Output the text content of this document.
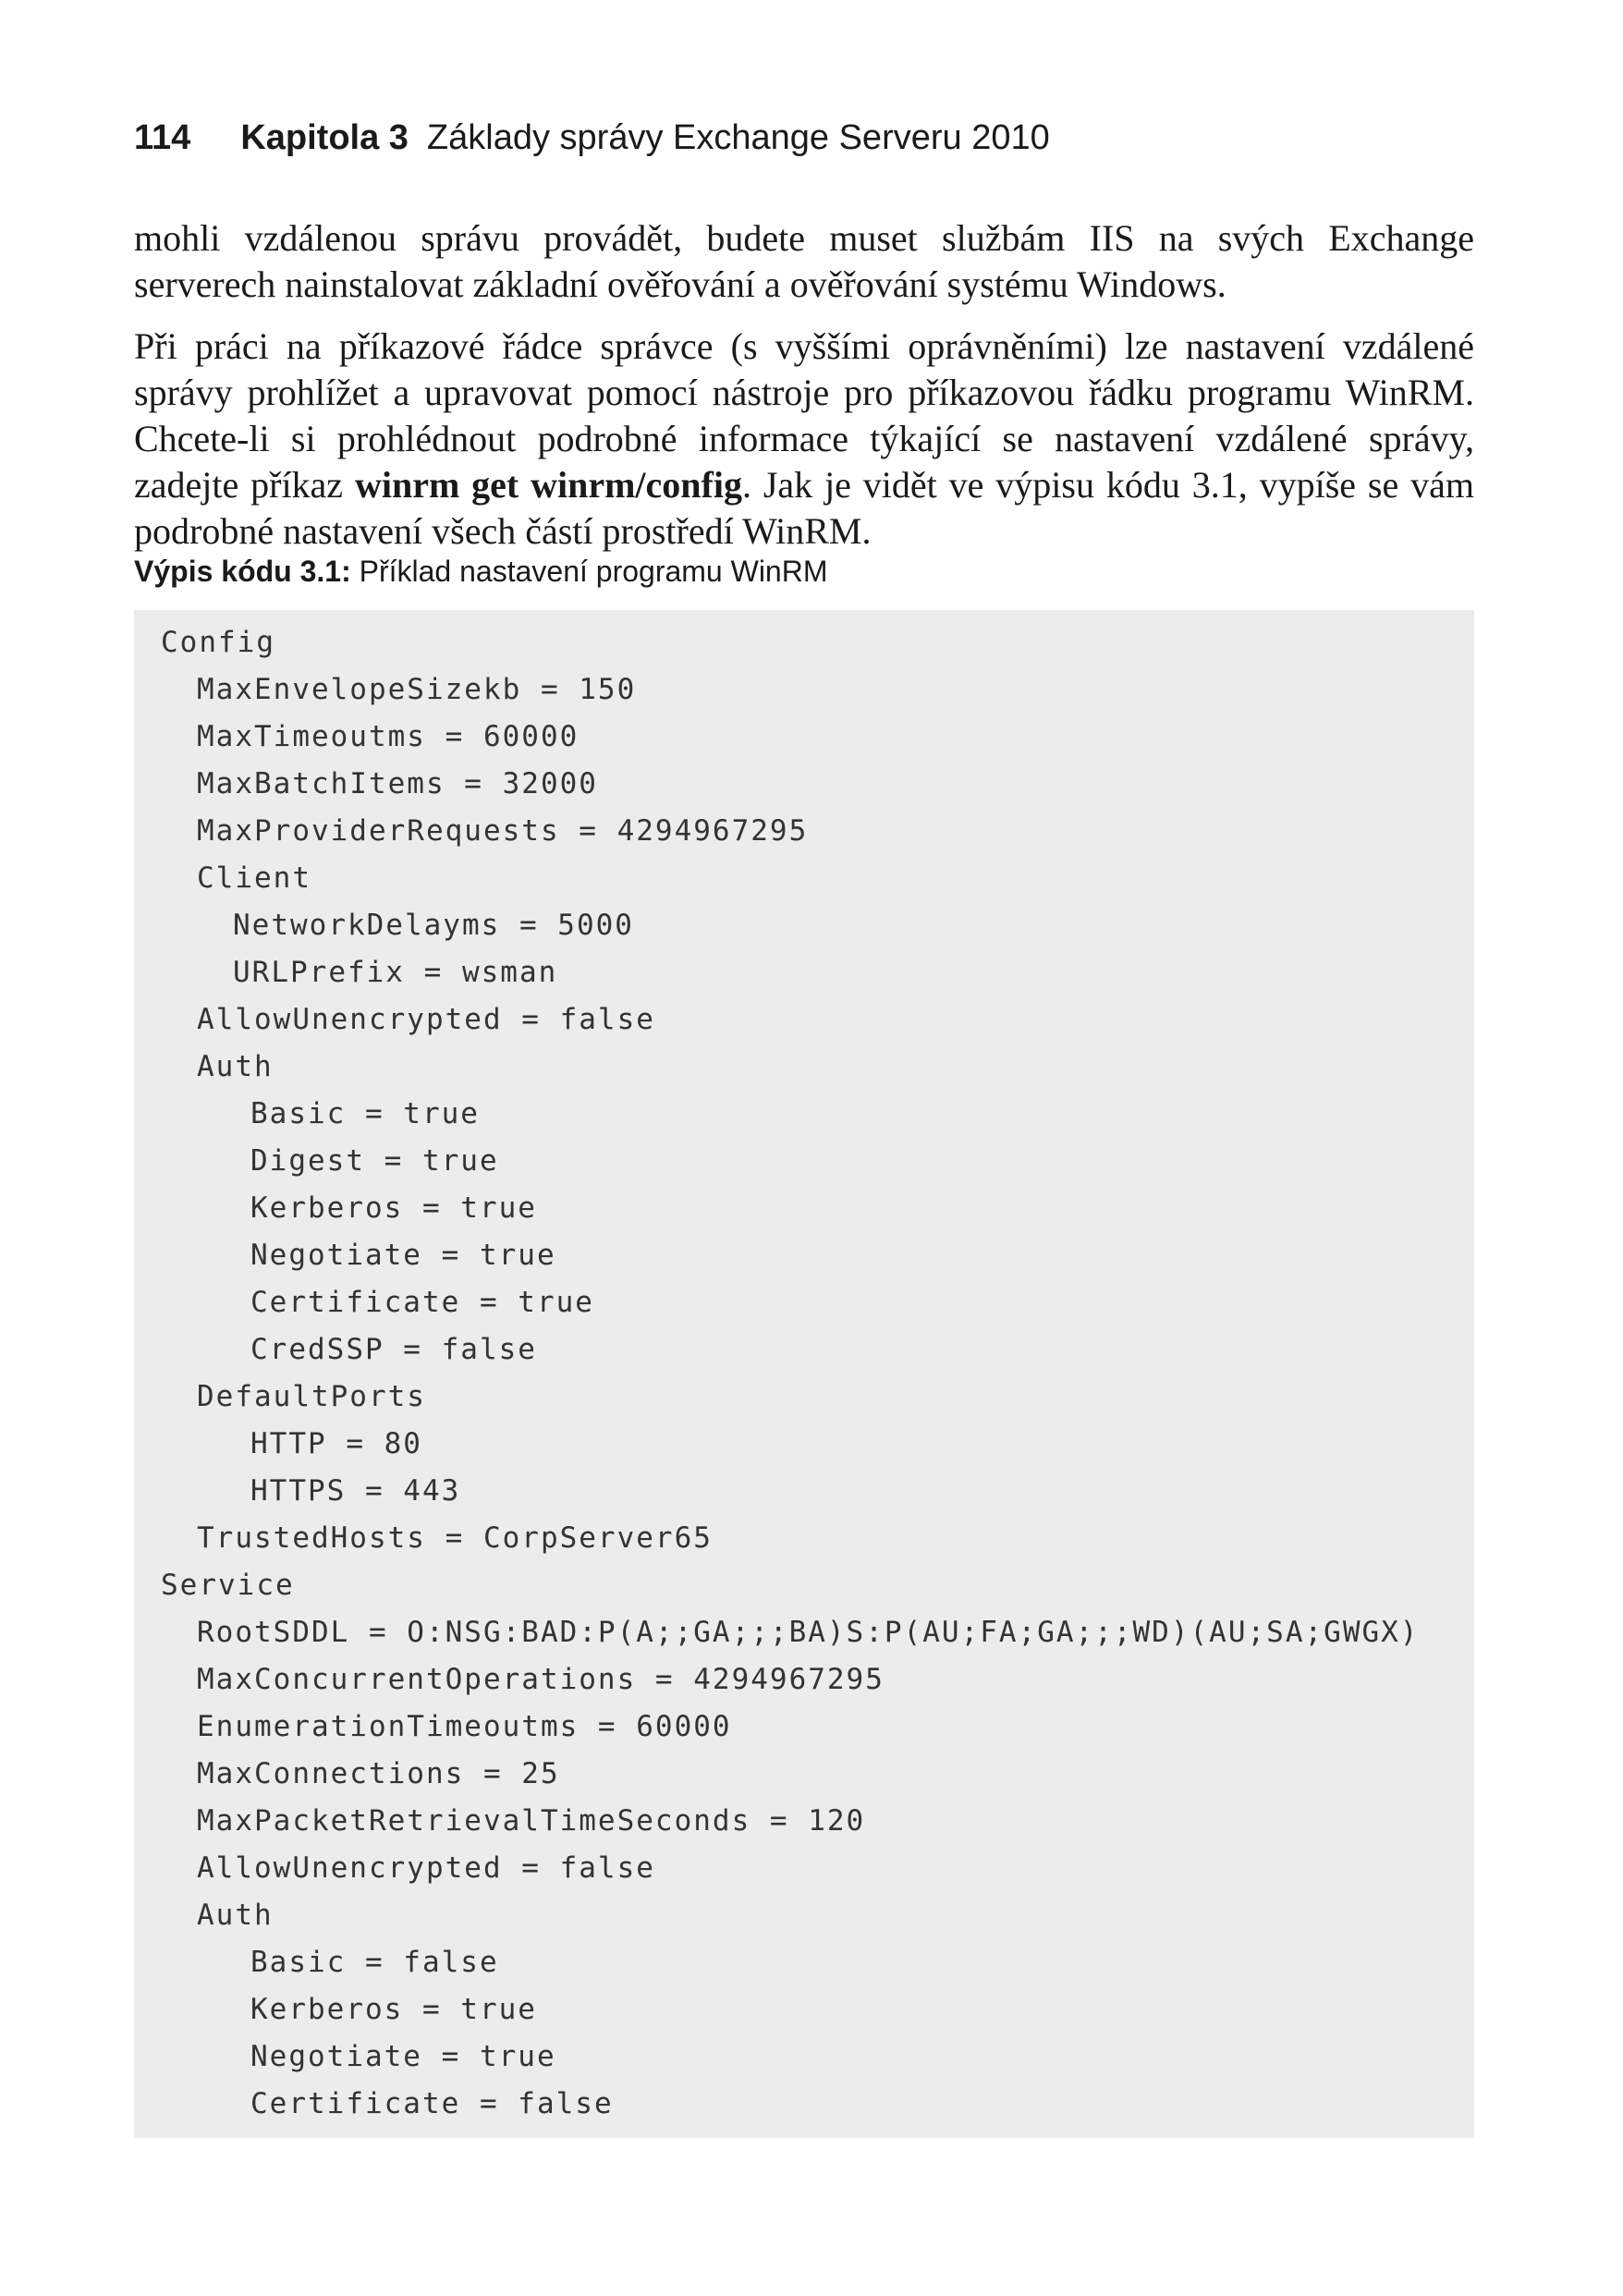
114 Kapitola 3 Základy správy Exchange Serveru 2010

mohli vzdálenou správu provádět, budete muset službám IIS na svých Exchange serverech nainstalovat základní ověřování a ověřování systému Windows.

Při práci na příkazové řádce správce (s vyššími oprávněními) lze nastavení vzdálené správy prohlížet a upravovat pomocí nástroje pro příkazovou řádku programu WinRM. Chcete-li si prohlédnout podrobné informace týkající se nastavení vzdálené správy, zadejte příkaz winrm get winrm/config. Jak je vidět ve výpisu kódu 3.1, vypíše se vám podrobné nastavení všech částí prostředí WinRM.

Výpis kódu 3.1: Příklad nastavení programu WinRM
Config
MaxEnvelopeSizekb = 150
MaxTimeoutms = 60000
MaxBatchItems = 32000
MaxProviderRequests = 4294967295
Client
NetworkDelayms = 5000
URLPrefix = wsman
AllowUnencrypted = false
Auth
Basic = true
Digest = true
Kerberos = true
Negotiate = true
Certificate = true
CredSSP = false
DefaultPorts
HTTP = 80
HTTPS = 443
TrustedHosts = CorpServer65
Service
RootSDDL = O:NSG:BAD:P(A;;GA;;;BA)S:P(AU;FA;GA;;;WD)(AU;SA;GWGX)
MaxConcurrentOperations = 4294967295
EnumerationTimeoutms = 60000
MaxConnections = 25
MaxPacketRetrievalTimeSeconds = 120
AllowUnencrypted = false
Auth
Basic = false
Kerberos = true
Negotiate = true
Certificate = false
